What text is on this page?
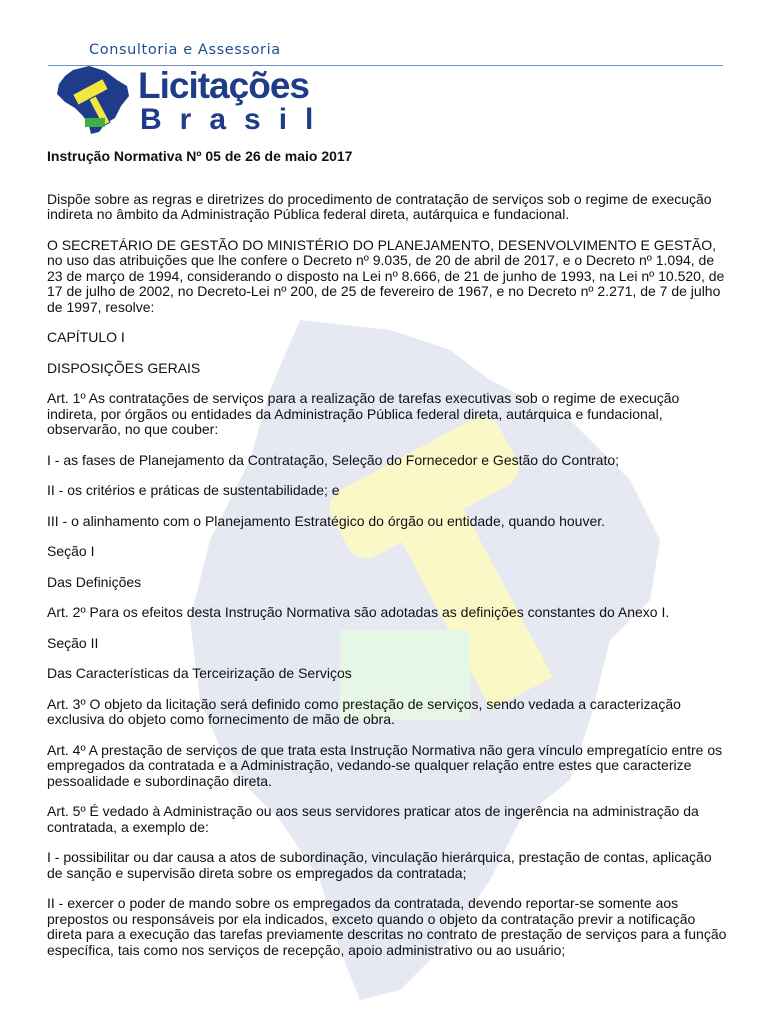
Consultoria e Assessoria
Licitações
Brasil

Instrução Normativa Nº 05 de 26 de maio 2017

Dispõe sobre as regras e diretrizes do procedimento de contratação de serviços sob o regime de execução indireta no âmbito da Administração Pública federal direta, autárquica e fundacional.

O SECRETÁRIO DE GESTÃO DO MINISTÉRIO DO PLANEJAMENTO, DESENVOLVIMENTO E GESTÃO, no uso das atribuições que lhe confere o Decreto nº 9.035, de 20 de abril de 2017, e o Decreto nº 1.094, de 23 de março de 1994, considerando o disposto na Lei nº 8.666, de 21 de junho de 1993, na Lei nº 10.520, de 17 de julho de 2002, no Decreto-Lei nº 200, de 25 de fevereiro de 1967, e no Decreto nº 2.271, de 7 de julho de 1997, resolve:

CAPÍTULO I

DISPOSIÇÕES GERAIS

Art. 1º As contratações de serviços para a realização de tarefas executivas sob o regime de execução indireta, por órgãos ou entidades da Administração Pública federal direta, autárquica e fundacional, observarão, no que couber:

I - as fases de Planejamento da Contratação, Seleção do Fornecedor e Gestão do Contrato;

II - os critérios e práticas de sustentabilidade; e

III - o alinhamento com o Planejamento Estratégico do órgão ou entidade, quando houver.

Seção I

Das Definições

Art. 2º Para os efeitos desta Instrução Normativa são adotadas as definições constantes do Anexo I.

Seção II

Das Características da Terceirização de Serviços

Art. 3º O objeto da licitação será definido como prestação de serviços, sendo vedada a caracterização exclusiva do objeto como fornecimento de mão de obra.

Art. 4º A prestação de serviços de que trata esta Instrução Normativa não gera vínculo empregatício entre os empregados da contratada e a Administração, vedando-se qualquer relação entre estes que caracterize pessoalidade e subordinação direta.

Art. 5º É vedado à Administração ou aos seus servidores praticar atos de ingerência na administração da contratada, a exemplo de:

I - possibilitar ou dar causa a atos de subordinação, vinculação hierárquica, prestação de contas, aplicação de sanção e supervisão direta sobre os empregados da contratada;

II - exercer o poder de mando sobre os empregados da contratada, devendo reportar-se somente aos prepostos ou responsáveis por ela indicados, exceto quando o objeto da contratação previr a notificação direta para a execução das tarefas previamente descritas no contrato de prestação de serviços para a função específica, tais como nos serviços de recepção, apoio administrativo ou ao usuário;
